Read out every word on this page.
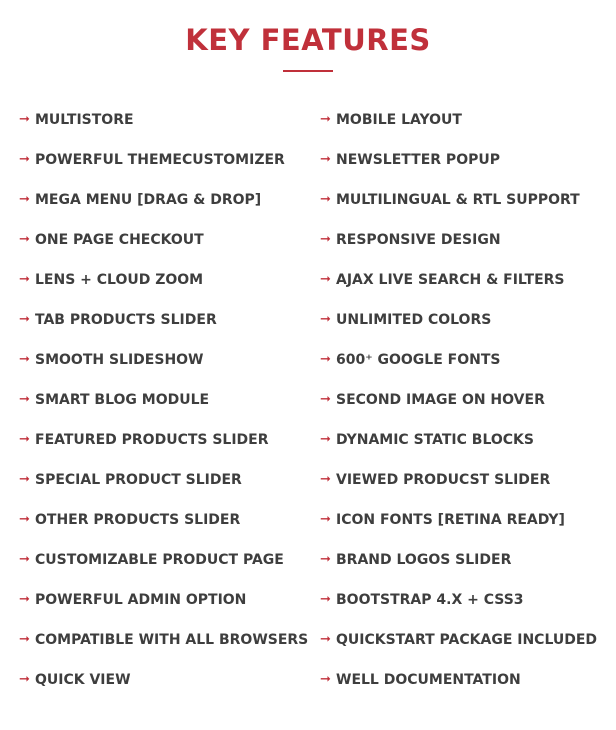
KEY FEATURES
➞ MULTISTORE
➞ POWERFUL THEMECUSTOMIZER
➞ MEGA MENU [DRAG & DROP]
➞ ONE PAGE CHECKOUT
➞ LENS + CLOUD ZOOM
➞ TAB PRODUCTS SLIDER
➞ SMOOTH SLIDESHOW
➞ SMART BLOG MODULE
➞ FEATURED PRODUCTS SLIDER
➞ SPECIAL PRODUCT SLIDER
➞ OTHER PRODUCTS SLIDER
➞ CUSTOMIZABLE PRODUCT PAGE
➞ POWERFUL ADMIN OPTION
➞ COMPATIBLE WITH ALL BROWSERS
➞ QUICK VIEW
➞ MOBILE LAYOUT
➞ NEWSLETTER POPUP
➞ MULTILINGUAL & RTL SUPPORT
➞ RESPONSIVE DESIGN
➞ AJAX LIVE SEARCH & FILTERS
➞ UNLIMITED COLORS
➞ 600⁺ GOOGLE FONTS
➞ SECOND IMAGE ON HOVER
➞ DYNAMIC STATIC BLOCKS
➞ VIEWED PRODUCST SLIDER
➞ ICON FONTS [RETINA READY]
➞ BRAND LOGOS SLIDER
➞ BOOTSTRAP 4.X + CSS3
➞ QUICKSTART PACKAGE INCLUDED
➞ WELL DOCUMENTATION
